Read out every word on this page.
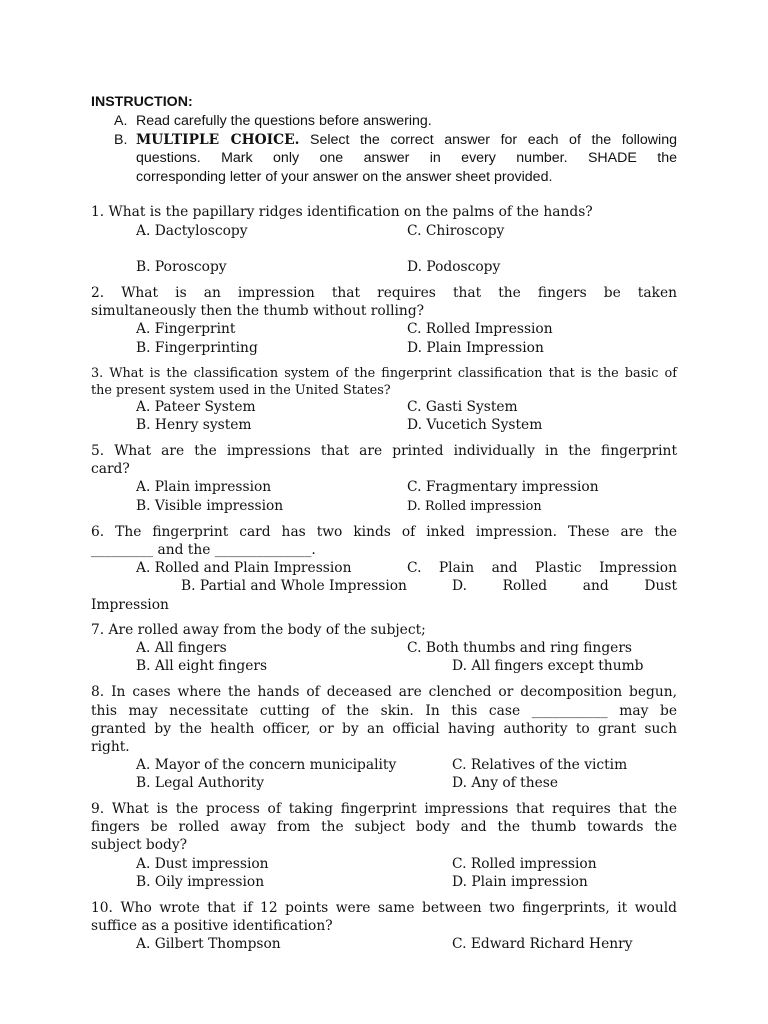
INSTRUCTION:
A. Read carefully the questions before answering.
B. MULTIPLE CHOICE. Select the correct answer for each of the following
questions. Mark only one answer in every number. SHADE the
corresponding letter of your answer on the answer sheet provided.
1. What is the papillary ridges identification on the palms of the hands?
A. Dactyloscopy	C. Chiroscopy
B. Poroscopy	D. Podoscopy
2. What is an impression that requires that the fingers be taken
simultaneously then the thumb without rolling?
A. Fingerprint	C. Rolled Impression
B. Fingerprinting	D. Plain Impression
3. What is the classification system of the fingerprint classification that is the basic of
the present system used in the United States?
A. Pateer System	C. Gasti System
B. Henry system	D. Vucetich System
5. What are the impressions that are printed individually in the fingerprint
card?
A. Plain impression	C. Fragmentary impression
B. Visible impression	D. Rolled impression
6. The fingerprint card has two kinds of inked impression. These are the
_________ and the ______________.
A. Rolled and Plain Impression	C. Plain and Plastic Impression
B. Partial and Whole Impression	D. Rolled and Dust
Impression
7. Are rolled away from the body of the subject;
A. All fingers	C. Both thumbs and ring fingers
B. All eight fingers	D. All fingers except thumb
8. In cases where the hands of deceased are clenched or decomposition begun,
this may necessitate cutting of the skin. In this case ___________ may be
granted by the health officer, or by an official having authority to grant such
right.
A. Mayor of the concern municipality	C. Relatives of the victim
B. Legal Authority	D. Any of these
9. What is the process of taking fingerprint impressions that requires that the
fingers be rolled away from the subject body and the thumb towards the
subject body?
A. Dust impression	C. Rolled impression
B. Oily impression	D. Plain impression
10. Who wrote that if 12 points were same between two fingerprints, it would
suffice as a positive identification?
A. Gilbert Thompson	C. Edward Richard Henry
